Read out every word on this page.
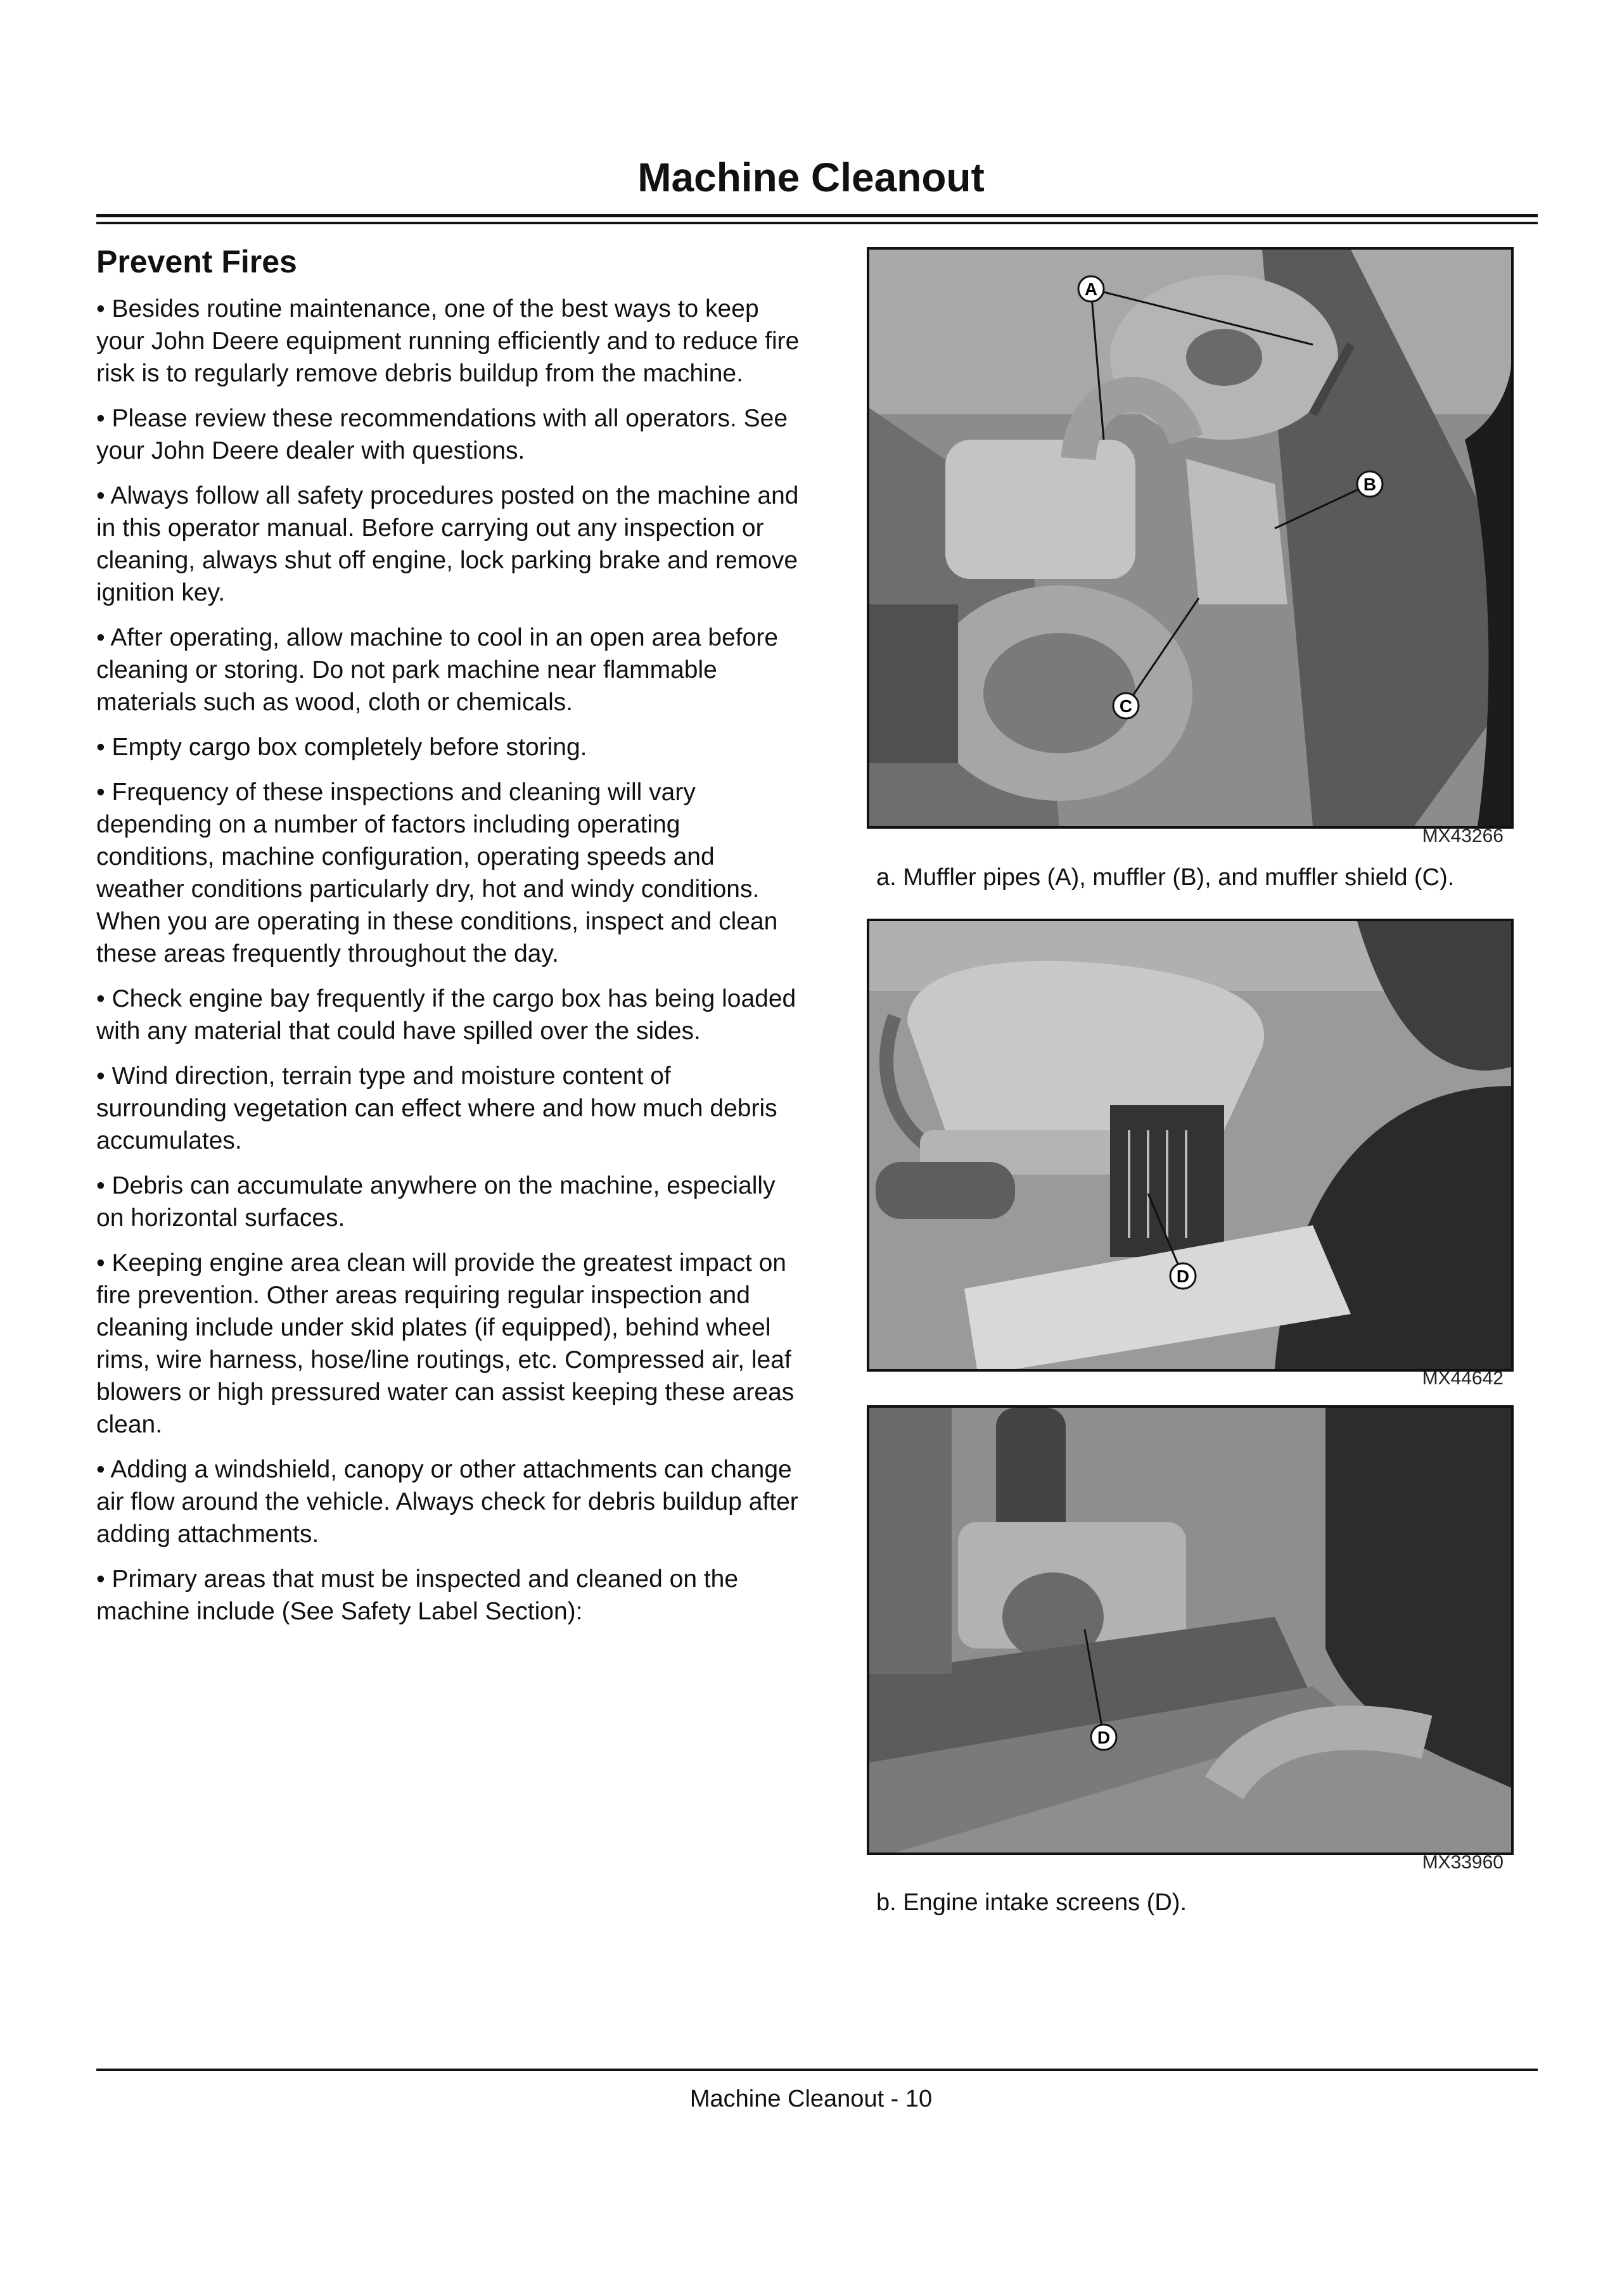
Machine Cleanout
Prevent Fires

• Besides routine maintenance, one of the best ways to keep your John Deere equipment running efficiently and to reduce fire risk is to regularly remove debris buildup from the machine.

• Please review these recommendations with all operators. See your John Deere dealer with questions.

• Always follow all safety procedures posted on the machine and in this operator manual. Before carrying out any inspection or cleaning, always shut off engine, lock parking brake and remove ignition key.

• After operating, allow machine to cool in an open area before cleaning or storing. Do not park machine near flammable materials such as wood, cloth or chemicals.

• Empty cargo box completely before storing.

• Frequency of these inspections and cleaning will vary depending on a number of factors including operating conditions, machine configuration, operating speeds and weather conditions particularly dry, hot and windy conditions. When you are operating in these conditions, inspect and clean these areas frequently throughout the day.

• Check engine bay frequently if the cargo box has being loaded with any material that could have spilled over the sides.

• Wind direction, terrain type and moisture content of surrounding vegetation can effect where and how much debris accumulates.

• Debris can accumulate anywhere on the machine, especially on horizontal surfaces.

• Keeping engine area clean will provide the greatest impact on fire prevention. Other areas requiring regular inspection and cleaning include under skid plates (if equipped), behind wheel rims, wire harness, hose/line routings, etc. Compressed air, leaf blowers or high pressured water can assist keeping these areas clean.

• Adding a windshield, canopy or other attachments can change air flow around the vehicle. Always check for debris buildup after adding attachments.

• Primary areas that must be inspected and cleaned on the machine include (See Safety Label Section):

A
B
C
MX43266
a. Muffler pipes (A), muffler (B), and muffler shield (C).
D
MX44642
D
MX33960
b. Engine intake screens (D).
Machine Cleanout - 10
